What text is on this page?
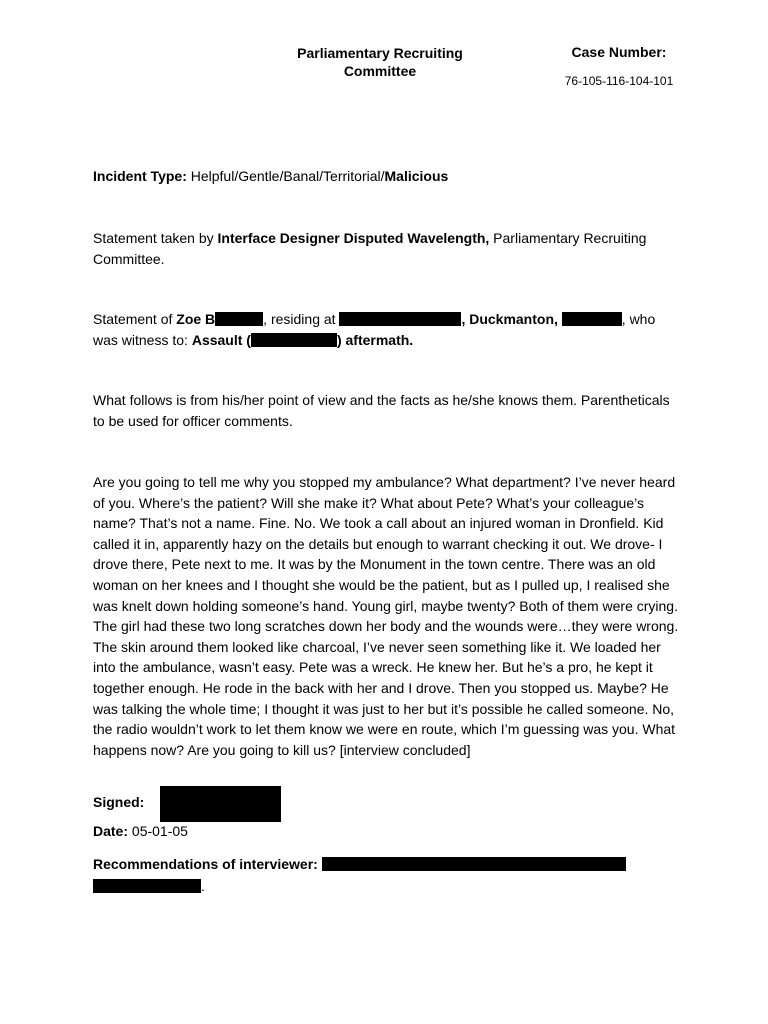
Parliamentary Recruiting Committee
Case Number:
76-105-116-104-101
Incident Type: Helpful/Gentle/Banal/Territorial/Malicious
Statement taken by Interface Designer Disputed Wavelength, Parliamentary Recruiting Committee.
Statement of Zoe B	, residing at	, Duckmanton,	, who was witness to: Assault (	) aftermath.
What follows is from his/her point of view and the facts as he/she knows them. Parentheticals to be used for officer comments.
Are you going to tell me why you stopped my ambulance? What department? I’ve never heard of you. Where’s the patient? Will she make it? What about Pete? What’s your colleague’s name? That’s not a name. Fine. No. We took a call about an injured woman in Dronfield. Kid called it in, apparently hazy on the details but enough to warrant checking it out. We drove- I drove there, Pete next to me. It was by the Monument in the town centre. There was an old woman on her knees and I thought she would be the patient, but as I pulled up, I realised she was knelt down holding someone’s hand. Young girl, maybe twenty? Both of them were crying. The girl had these two long scratches down her body and the wounds were…they were wrong. The skin around them looked like charcoal, I’ve never seen something like it. We loaded her into the ambulance, wasn’t easy. Pete was a wreck. He knew her. But he’s a pro, he kept it together enough. He rode in the back with her and I drove. Then you stopped us. Maybe? He was talking the whole time; I thought it was just to her but it’s possible he called someone. No, the radio wouldn’t work to let them know we were en route, which I’m guessing was you. What happens now? Are you going to kill us? [interview concluded]
Signed:
Date: 05-01-05
Recommendations of interviewer:
.
